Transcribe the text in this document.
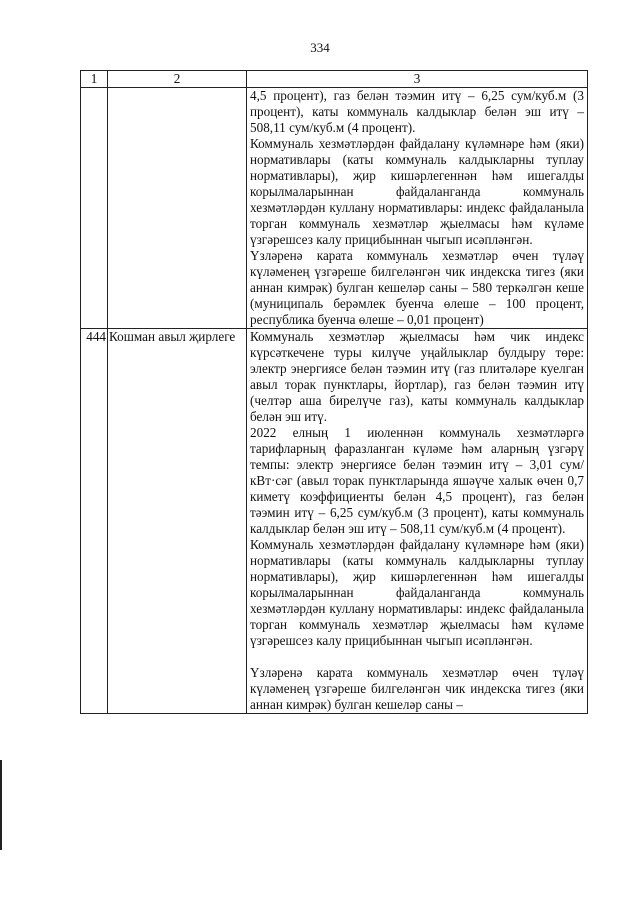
334
1	2	3

		4,5 процент), газ белән тәэмин итү – 6,25 сум/куб.м (3 процент), каты коммуналь калдыклар белән эш итү – 508,11 сум/куб.м (4 процент).

Коммуналь хезмәтләрдән файдалану күләмнәре һәм (яки) нормативлары (каты коммуналь калдыкларны туплау нормативлары), җир кишәрлегеннән һәм ишегалды корылмаларыннан файдаланганда коммуналь хезмәтләрдән куллану нормативлары: индекс файдаланыла торган коммуналь хезмәтләр җыелмасы һәм күләме үзгәрешсез калу прицибыннан чыгып исәпләнгән.

Үзләренә карата коммуналь хезмәтләр өчен түләү күләменең үзгәреше билгеләнгән чик индекска тигез (яки аннан кимрәк) булган кешеләр саны – 580 теркәлгән кеше (муниципаль берәмлек буенча өлеше – 100 процент, республика буенча өлеше – 0,01 процент)

444	Кошман авыл җирлеге	Коммуналь хезмәтләр җыелмасы һәм чик индекс күрсәткечене туры килүче уңайлыклар булдыру төре: электр энергиясе белән тәэмин итү (газ плитәләре куелган авыл торак пунктлары, йортлар), газ белән тәэмин итү (челтәр аша бирелүче газ), каты коммуналь калдыклар белән эш итү.

2022 елның 1 июленнән коммуналь хезмәтләргә тарифларның фаразланган күләме һәм аларның үзгәрү темпы: электр энергиясе белән тәэмин итү – 3,01 сум/кВт·сәг (авыл торак пунктларында яшәүче халык өчен 0,7 киметү коэффициенты белән 4,5 процент), газ белән тәэмин итү – 6,25 сум/куб.м (3 процент), каты коммуналь калдыклар белән эш итү – 508,11 сум/куб.м (4 процент).

Коммуналь хезмәтләрдән файдалану күләмнәре һәм (яки) нормативлары (каты коммуналь калдыкларны туплау нормативлары), җир кишәрлегеннән һәм ишегалды корылмаларыннан файдаланганда коммуналь хезмәтләрдән куллану нормативлары: индекс файдаланыла торган коммуналь хезмәтләр җыелмасы һәм күләме үзгәрешсез калу прицибыннан чыгып исәпләнгән.

Үзләренә карата коммуналь хезмәтләр өчен түләү күләменең үзгәреше билгеләнгән чик индекска тигез (яки аннан кимрәк) булган кешеләр саны –
